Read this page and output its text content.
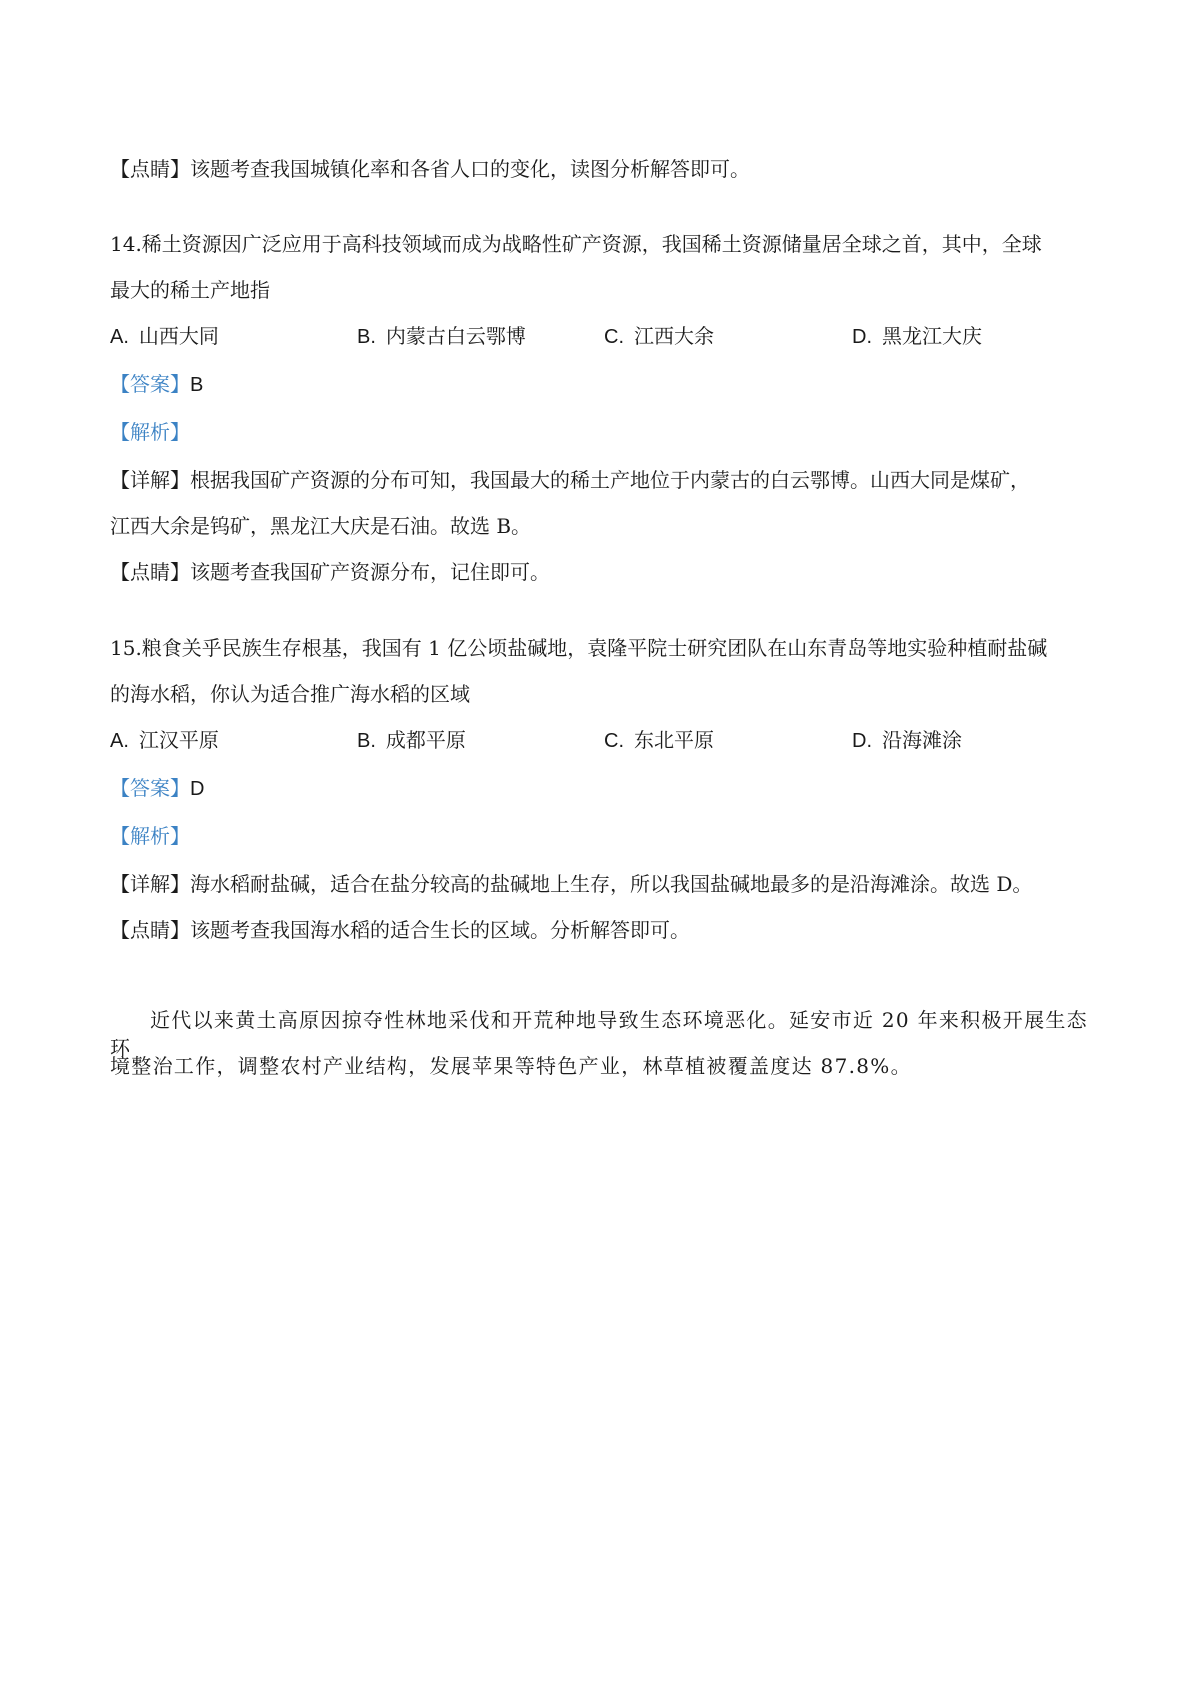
【点睛】该题考查我国城镇化率和各省人口的变化，读图分析解答即可。
14.稀土资源因广泛应用于高科技领域而成为战略性矿产资源，我国稀土资源储量居全球之首，其中，全球
最大的稀土产地指
A. 山西大同	B. 内蒙古白云鄂博	C. 江西大余	D. 黑龙江大庆
【答案】B
【解析】
【详解】根据我国矿产资源的分布可知，我国最大的稀土产地位于内蒙古的白云鄂博。山西大同是煤矿，
江西大余是钨矿，黑龙江大庆是石油。故选 B。
【点睛】该题考查我国矿产资源分布，记住即可。
15.粮食关乎民族生存根基，我国有 1 亿公顷盐碱地，袁隆平院士研究团队在山东青岛等地实验种植耐盐碱
的海水稻，你认为适合推广海水稻的区域
A. 江汉平原	B. 成都平原	C. 东北平原	D. 沿海滩涂
【答案】D
【解析】
【详解】海水稻耐盐碱，适合在盐分较高的盐碱地上生存，所以我国盐碱地最多的是沿海滩涂。故选 D。
【点睛】该题考查我国海水稻的适合生长的区域。分析解答即可。
近代以来黄土高原因掠夺性林地采伐和开荒种地导致生态环境恶化。延安市近 20 年来积极开展生态环
境整治工作，调整农村产业结构，发展苹果等特色产业，林草植被覆盖度达 87.8%。
